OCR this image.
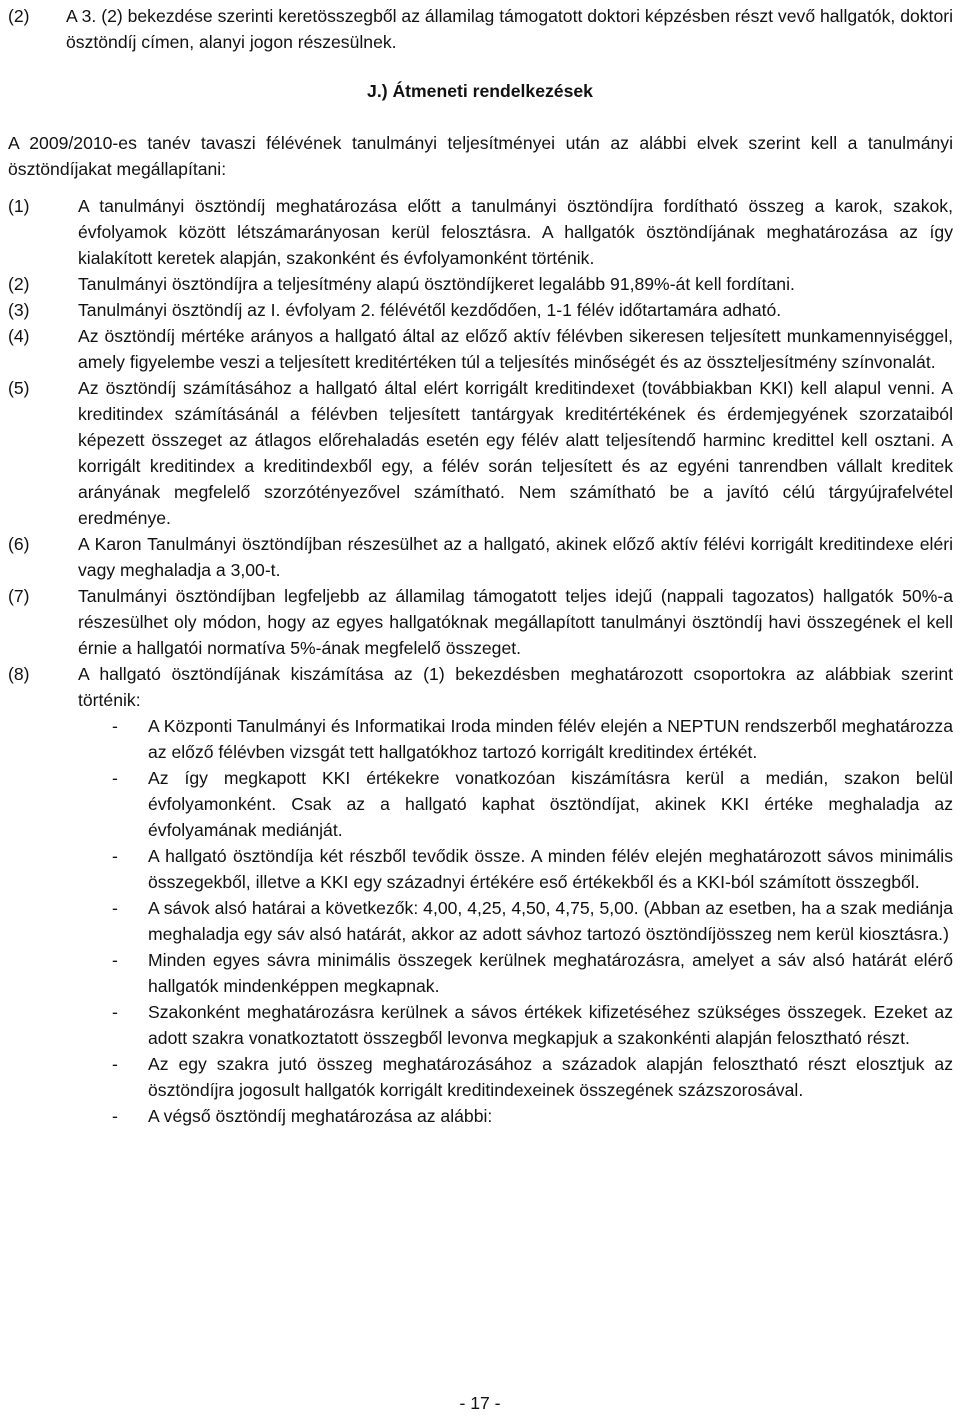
(2)	A 3. (2) bekezdése szerinti keretösszegből az államilag támogatott doktori képzésben részt vevő hallgatók, doktori ösztöndíj címen, alanyi jogon részesülnek.

J.) Átmeneti rendelkezések

A 2009/2010-es tanév tavaszi félévének tanulmányi teljesítményei után az alábbi elvek szerint kell a tanulmányi ösztöndíjakat megállapítani:

(1)	A tanulmányi ösztöndíj meghatározása előtt a tanulmányi ösztöndíjra fordítható összeg a karok, szakok, évfolyamok között létszámarányosan kerül felosztásra. A hallgatók ösztöndíjának meghatározása az így kialakított keretek alapján, szakonként és évfolyamonként történik.

(2)	Tanulmányi ösztöndíjra a teljesítmény alapú ösztöndíjkeret legalább 91,89%-át kell fordítani.

(3)	Tanulmányi ösztöndíj az I. évfolyam 2. félévétől kezdődően, 1-1 félév időtartamára adható.

(4)	Az ösztöndíj mértéke arányos a hallgató által az előző aktív félévben sikeresen teljesített munkamennyiséggel, amely figyelembe veszi a teljesített kreditértéken túl a teljesítés minőségét és az összteljesítmény színvonalát.

(5)	Az ösztöndíj számításához a hallgató által elért korrigált kreditindexet (továbbiakban KKI) kell alapul venni. A kreditindex számításánál a félévben teljesített tantárgyak kreditértékének és érdemjegyének szorzataiból képezett összeget az átlagos előrehaladás esetén egy félév alatt teljesítendő harminc kredittel kell osztani. A korrigált kreditindex a kreditindexből egy, a félév során teljesített és az egyéni tanrendben vállalt kreditek arányának megfelelő szorzótényezővel számítható. Nem számítható be a javító célú tárgyújrafelvétel eredménye.

(6)	A Karon Tanulmányi ösztöndíjban részesülhet az a hallgató, akinek előző aktív félévi korrigált kreditindexe eléri vagy meghaladja a 3,00-t.

(7)	Tanulmányi ösztöndíjban legfeljebb az államilag támogatott teljes idejű (nappali tagozatos) hallgatók 50%-a részesülhet oly módon, hogy az egyes hallgatóknak megállapított tanulmányi ösztöndíj havi összegének el kell érnie a hallgatói normatíva 5%-ának megfelelő összeget.

(8)	A hallgató ösztöndíjának kiszámítása az (1) bekezdésben meghatározott csoportokra az alábbiak szerint történik:

- A Központi Tanulmányi és Informatikai Iroda minden félév elején a NEPTUN rendszerből meghatározza az előző félévben vizsgát tett hallgatókhoz tartozó korrigált kreditindex értékét.

- Az így megkapott KKI értékekre vonatkozóan kiszámításra kerül a medián, szakon belül évfolyamonként. Csak az a hallgató kaphat ösztöndíjat, akinek KKI értéke meghaladja az évfolyamának mediánját.

- A hallgató ösztöndíja két részből tevődik össze. A minden félév elején meghatározott sávos minimális összegekből, illetve a KKI egy századnyi értékére eső értékekből és a KKI-ból számított összegből.

- A sávok alsó határai a következők: 4,00, 4,25, 4,50, 4,75, 5,00. (Abban az esetben, ha a szak mediánja meghaladja egy sáv alsó határát, akkor az adott sávhoz tartozó ösztöndíjösszeg nem kerül kiosztásra.)

- Minden egyes sávra minimális összegek kerülnek meghatározásra, amelyet a sáv alsó határát elérő hallgatók mindenképpen megkapnak.

- Szakonként meghatározásra kerülnek a sávos értékek kifizetéséhez szükséges összegek. Ezeket az adott szakra vonatkoztatott összegből levonva megkapjuk a szakonkénti alapján felosztható részt.

- Az egy szakra jutó összeg meghatározásához a századok alapján felosztható részt elosztjuk az ösztöndíjra jogosult hallgatók korrigált kreditindexeinek összegének százszorosával.

- A végső ösztöndíj meghatározása az alábbi:

- 17 -
